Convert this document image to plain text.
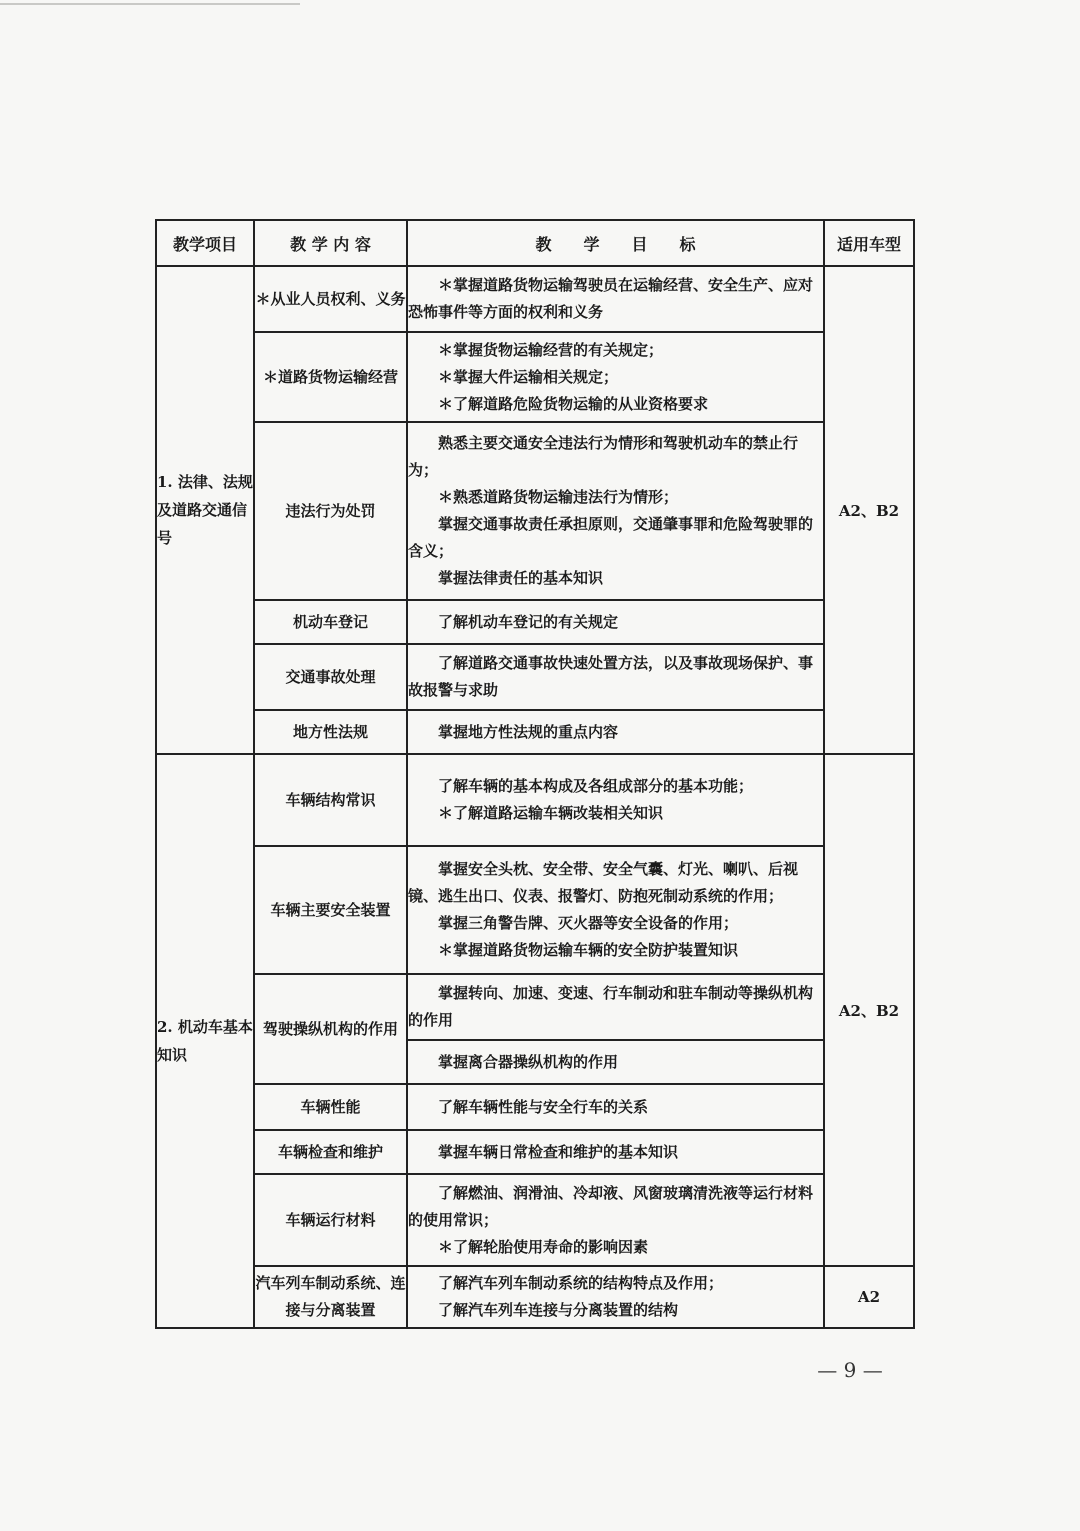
教学项目	教 学 内 容	教　　学　　目　　标	适用车型
1. 法律、法规及道路交通信号	＊从业人员权利、义务	＊掌握道路货物运输驾驶员在运输经营、安全生产、应对恐怖事件等方面的权利和义务	A2、B2
	＊道路货物运输经营	＊掌握货物运输经营的有关规定；
＊掌握大件运输相关规定；
＊了解道路危险货物运输的从业资格要求	

	违法行为处罚	熟悉主要交通安全违法行为情形和驾驶机动车的禁止行为；
＊熟悉道路货物运输违法行为情形；
掌握交通事故责任承担原则，交通肇事罪和危险驾驶罪的含义；
掌握法律责任的基本知识	

	机动车登记	了解机动车登记的有关规定	

	交通事故处理	了解道路交通事故快速处置方法，以及事故现场保护、事故报警与求助	

	地方性法规	掌握地方性法规的重点内容	

2. 机动车基本知识	车辆结构常识	了解车辆的基本构成及各组成部分的基本功能；
＊了解道路运输车辆改装相关知识	A2、B2
	车辆主要安全装置	掌握安全头枕、安全带、安全气囊、灯光、喇叭、后视镜、逃生出口、仪表、报警灯、防抱死制动系统的作用；
掌握三角警告牌、灭火器等安全设备的作用；
＊掌握道路货物运输车辆的安全防护装置知识	

	驾驶操纵机构的作用	掌握转向、加速、变速、行车制动和驻车制动等操纵机构的作用	

		掌握离合器操纵机构的作用	

	车辆性能	了解车辆性能与安全行车的关系	

	车辆检查和维护	掌握车辆日常检查和维护的基本知识	

	车辆运行材料	了解燃油、润滑油、冷却液、风窗玻璃清洗液等运行材料的使用常识；
＊了解轮胎使用寿命的影响因素	

	汽车列车制动系统、连接与分离装置	了解汽车列车制动系统的结构特点及作用；
了解汽车列车连接与分离装置的结构	A2
— 9 —
